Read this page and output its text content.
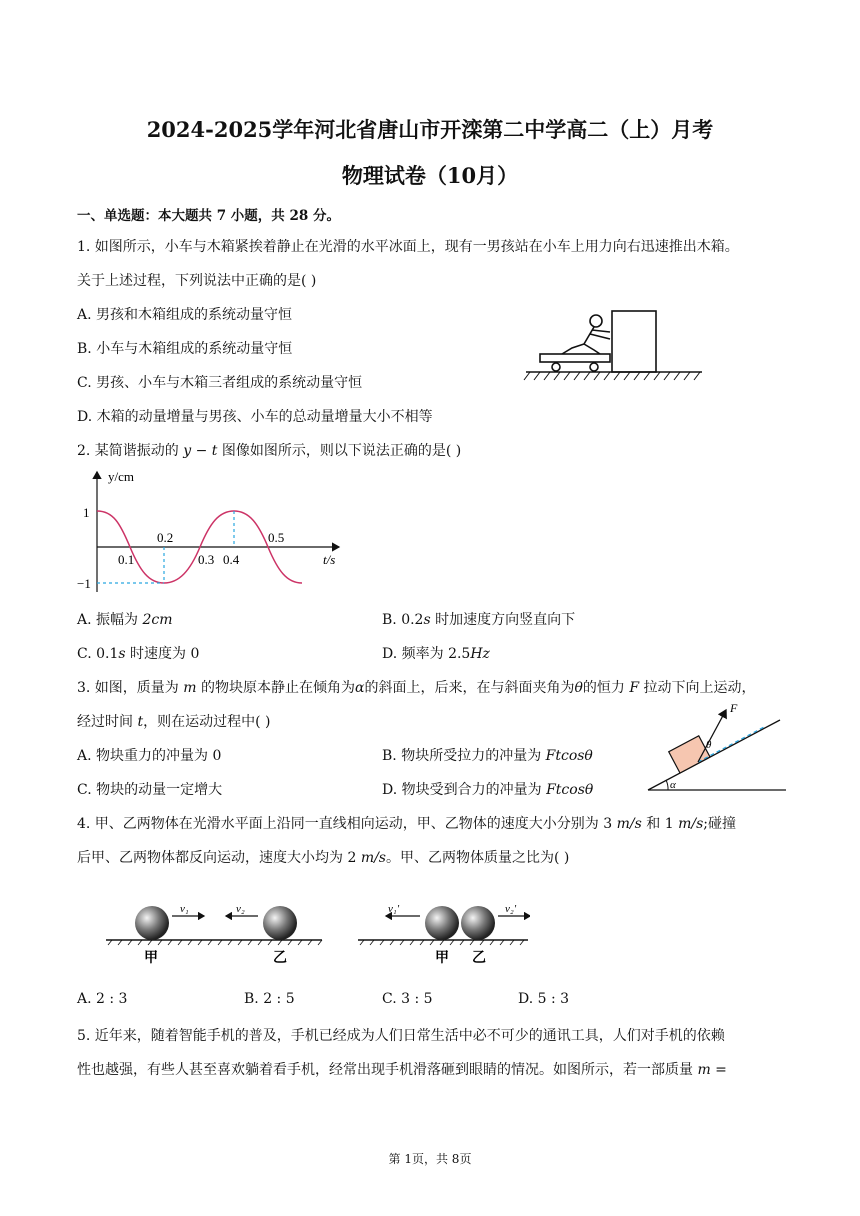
2024-2025学年河北省唐山市开滦第二中学高二（上）月考
物理试卷（10月）
一、单选题：本大题共 7 小题，共 28 分。
1. 如图所示，小车与木箱紧挨着静止在光滑的水平冰面上，现有一男孩站在小车上用力向右迅速推出木箱。
关于上述过程，下列说法中正确的是( )
A. 男孩和木箱组成的系统动量守恒
B. 小车与木箱组成的系统动量守恒
C. 男孩、小车与木箱三者组成的系统动量守恒
D. 木箱的动量增量与男孩、小车的总动量增量大小不相等
2. 某简谐振动的 y − t 图像如图所示，则以下说法正确的是( )
y/cm
t/s
1
−1
0.1
0.2
0.3 0.4
0.5
A. 振幅为 2cm	B. 0.2s 时加速度方向竖直向下
C. 0.1s 时速度为 0	D. 频率为 2.5Hz
3. 如图，质量为 m 的物块原本静止在倾角为α的斜面上，后来，在与斜面夹角为θ的恒力 F 拉动下向上运动，
经过时间 t，则在运动过程中( )
A. 物块重力的冲量为 0	B. 物块所受拉力的冲量为 Ftcosθ
C. 物块的动量一定增大	D. 物块受到合力的冲量为 Ftcosθ	α
F
θ
4. 甲、乙两物体在光滑水平面上沿同一直线相向运动，甲、乙物体的速度大小分别为 3 m/s 和 1 m/s;碰撞
后甲、乙两物体都反向运动，速度大小均为 2 m/s。甲、乙两物体质量之比为( )
v₁	v₂
甲	乙
v₁′	v₂′
甲 乙
A. 2 : 3	B. 2 : 5	C. 3 : 5	D. 5 : 3
5. 近年来，随着智能手机的普及，手机已经成为人们日常生活中必不可少的通讯工具，人们对手机的依赖
性也越强，有些人甚至喜欢躺着看手机，经常出现手机滑落砸到眼睛的情况。如图所示，若一部质量 m =
第 1页，共 8页
